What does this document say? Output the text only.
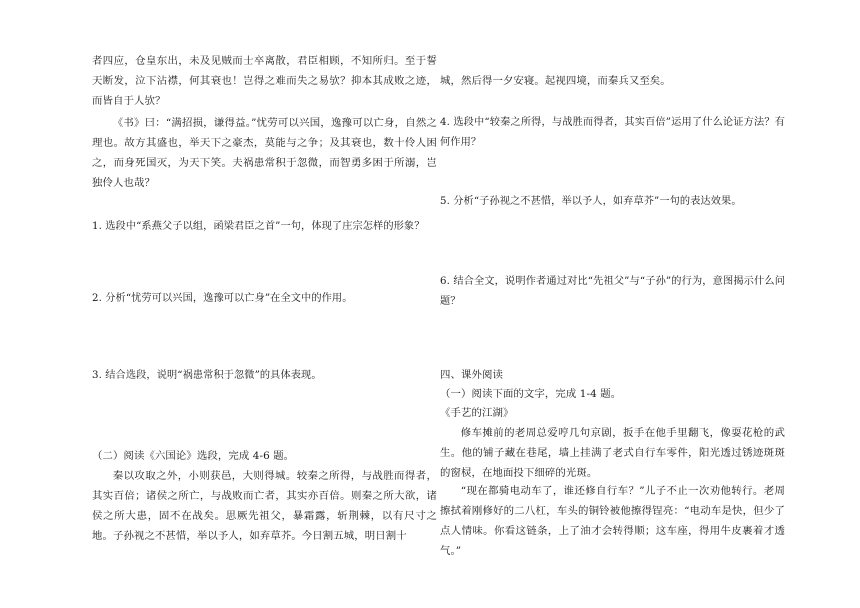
者四应，仓皇东出，未及见贼而士卒离散，君臣相顾，不知所归。至于誓天断发，泣下沾襟，何其衰也！岂得之难而失之易欤？抑本其成败之迹，而皆自于人欤？

《书》曰：“满招损，谦得益。”忧劳可以兴国，逸豫可以亡身，自然之理也。故方其盛也，举天下之豪杰，莫能与之争；及其衰也，数十伶人困之，而身死国灭，为天下笑。夫祸患常积于忽微，而智勇多困于所溺，岂独伶人也哉？

1. 选段中“系燕父子以组，函梁君臣之首”一句，体现了庄宗怎样的形象？

2. 分析“忧劳可以兴国，逸豫可以亡身”在全文中的作用。

3. 结合选段，说明“祸患常积于忽微”的具体表现。

（二）阅读《六国论》选段，完成 4-6 题。

秦以攻取之外，小则获邑，大则得城。较秦之所得，与战胜而得者，其实百倍；诸侯之所亡，与战败而亡者，其实亦百倍。则秦之所大欲，诸侯之所大患，固不在战矣。思厥先祖父，暴霜露，斩荆棘，以有尺寸之地。子孙视之不甚惜，举以予人，如弃草芥。今日割五城，明日割十

城，然后得一夕安寝。起视四境，而秦兵又至矣。

4. 选段中“较秦之所得，与战胜而得者，其实百倍”运用了什么论证方法？有何作用？

5. 分析“子孙视之不甚惜，举以予人，如弃草芥”一句的表达效果。

6. 结合全文，说明作者通过对比“先祖父”与“子孙”的行为，意图揭示什么问题？

四、课外阅读

（一）阅读下面的文字，完成 1-4 题。

《手艺的江湖》

修车摊前的老周总爱哼几句京剧，扳手在他手里翻飞，像耍花枪的武生。他的铺子藏在巷尾，墙上挂满了老式自行车零件，阳光透过锈迹斑斑的窗棂，在地面投下细碎的光斑。

“现在都骑电动车了，谁还修自行车？”儿子不止一次劝他转行。老周擦拭着刚修好的二八杠，车头的铜铃被他擦得锃亮：“电动车是快，但少了点人情味。你看这链条，上了油才会转得顺；这车座，得用牛皮裹着才透气。”
